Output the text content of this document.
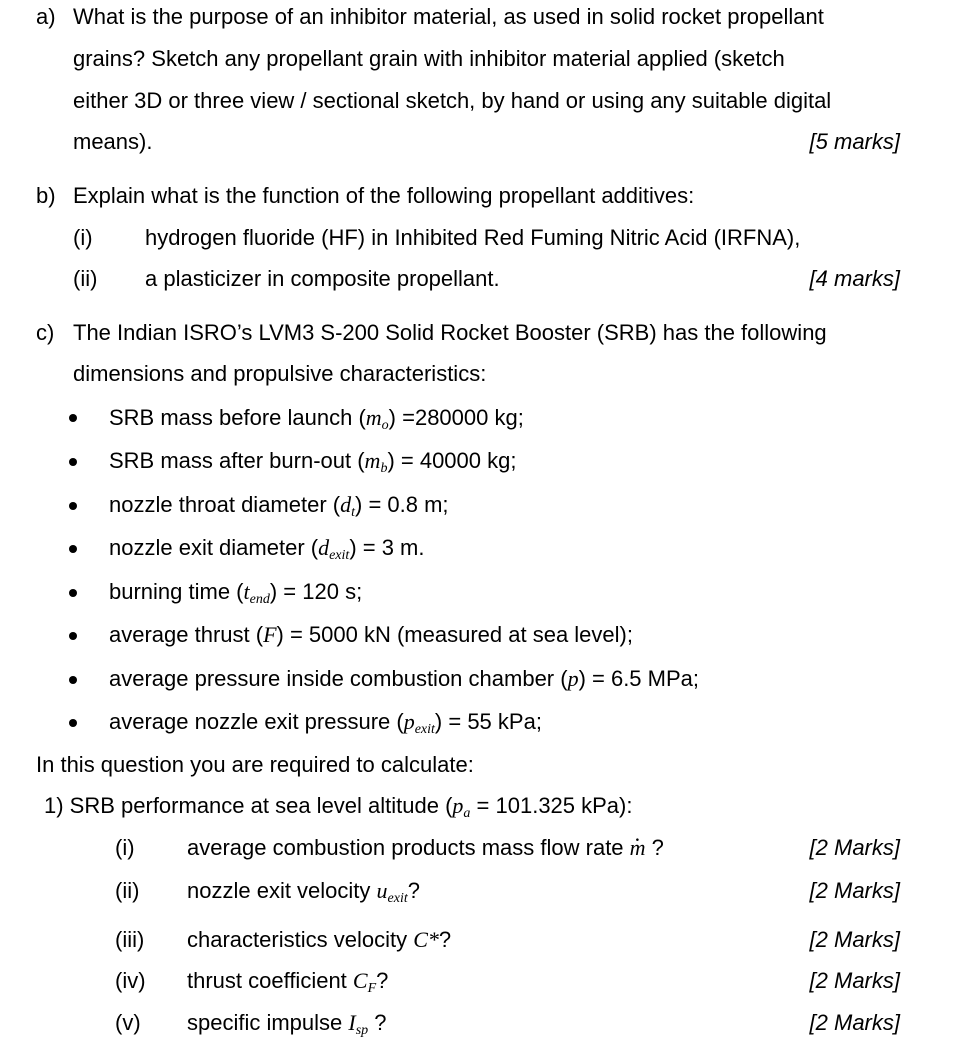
a) What is the purpose of an inhibitor material, as used in solid rocket propellant
grains? Sketch any propellant grain with inhibitor material applied (sketch
either 3D or three view / sectional sketch, by hand or using any suitable digital
means).	[5 marks]
b) Explain what is the function of the following propellant additives:
(i) hydrogen fluoride (HF) in Inhibited Red Fuming Nitric Acid (IRFNA),
(ii) a plasticizer in composite propellant.	[4 marks]
c) The Indian ISRO’s LVM3 S-200 Solid Rocket Booster (SRB) has the following
dimensions and propulsive characteristics:
SRB mass before launch $(m_o) =280000$ kg;
SRB mass after burn-out $(m_b) = 40000$ kg;
nozzle throat diameter $(d_t) = 0.8$ m;
nozzle exit diameter $(d_{exit}) = 3$ m.
burning time $(t_{end}) = 120$ s;
average thrust (F) = 5000 kN (measured at sea level);
average pressure inside combustion chamber (p) = 6.5 MPa;
average nozzle exit pressure $(p_{exit}) = 55$ kPa;
In this question you are required to calculate:
1) SRB performance at sea level altitude ($p_a = 101.325$ kPa):
(i) average combustion products mass flow rate m . ?	[2 Marks]
(ii) nozzle exit velocity $u_{exit}$?	[2 Marks]
(iii) characteristics velocity C*?	[2 Marks]
(iv) thrust coefficient $C_F$?	[2 Marks]
(v) specific impulse $I_{sp}$ ?	[2 Marks]
